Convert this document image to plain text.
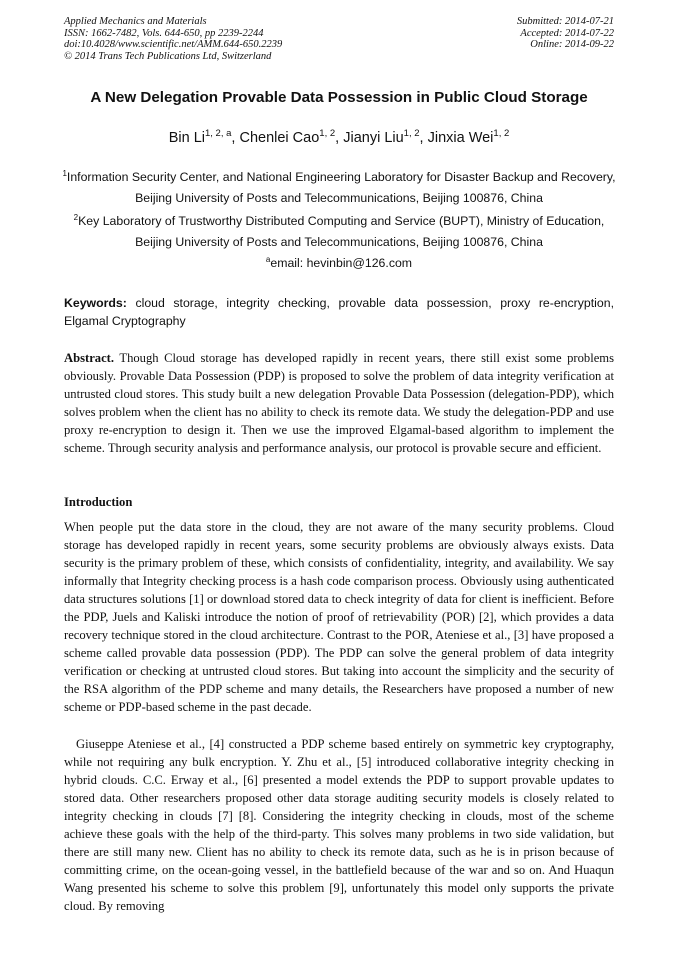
Applied Mechanics and Materials
ISSN: 1662-7482, Vols. 644-650, pp 2239-2244
doi:10.4028/www.scientific.net/AMM.644-650.2239
© 2014 Trans Tech Publications Ltd, Switzerland
Submitted: 2014-07-21
Accepted: 2014-07-22
Online: 2014-09-22
A New Delegation Provable Data Possession in Public Cloud Storage
Bin Li$^{1, 2, a}$, Chenlei Cao$^{1, 2}$, Jianyi Liu$^{1, 2}$, Jinxia Wei$^{1, 2}$
$^1$Information Security Center, and National Engineering Laboratory for Disaster Backup and Recovery, Beijing University of Posts and Telecommunications, Beijing 100876, China
$^2$Key Laboratory of Trustworthy Distributed Computing and Service (BUPT), Ministry of Education, Beijing University of Posts and Telecommunications, Beijing 100876, China
$^a$email: hevinbin@126.com
Keywords: cloud storage, integrity checking, provable data possession, proxy re-encryption, Elgamal Cryptography

Abstract. Though Cloud storage has developed rapidly in recent years, there still exist some problems obviously. Provable Data Possession (PDP) is proposed to solve the problem of data integrity verification at untrusted cloud stores. This study built a new delegation Provable Data Possession (delegation-PDP), which solves problem when the client has no ability to check its remote data. We study the delegation-PDP and use proxy re-encryption to design it. Then we use the improved Elgamal-based algorithm to implement the scheme. Through security analysis and performance analysis, our protocol is provable secure and efficient.

Introduction

When people put the data store in the cloud, they are not aware of the many security problems. Cloud storage has developed rapidly in recent years, some security problems are obviously always exists. Data security is the primary problem of these, which consists of confidentiality, integrity, and availability. We say informally that Integrity checking process is a hash code comparison process. Obviously using authenticated data structures solutions [1] or download stored data to check integrity of data for client is inefficient. Before the PDP, Juels and Kaliski introduce the notion of proof of retrievability (POR) [2], which provides a data recovery technique stored in the cloud architecture. Contrast to the POR, Ateniese et al., [3] have proposed a scheme called provable data possession (PDP). The PDP can solve the general problem of data integrity verification or checking at untrusted cloud stores. But taking into account the simplicity and the security of the RSA algorithm of the PDP scheme and many details, the Researchers have proposed a number of new scheme or PDP-based scheme in the past decade.

Giuseppe Ateniese et al., [4] constructed a PDP scheme based entirely on symmetric key cryptography, while not requiring any bulk encryption. Y. Zhu et al., [5] introduced collaborative integrity checking in hybrid clouds. C.C. Erway et al., [6] presented a model extends the PDP to support provable updates to stored data. Other researchers proposed other data storage auditing security models is closely related to integrity checking in clouds [7] [8]. Considering the integrity checking in clouds, most of the scheme achieve these goals with the help of the third-party. This solves many problems in two side validation, but there are still many new. Client has no ability to check its remote data, such as he is in prison because of committing crime, on the ocean-going vessel, in the battlefield because of the war and so on. And Huaqun Wang presented his scheme to solve this problem [9], unfortunately this model only supports the private cloud. By removing
